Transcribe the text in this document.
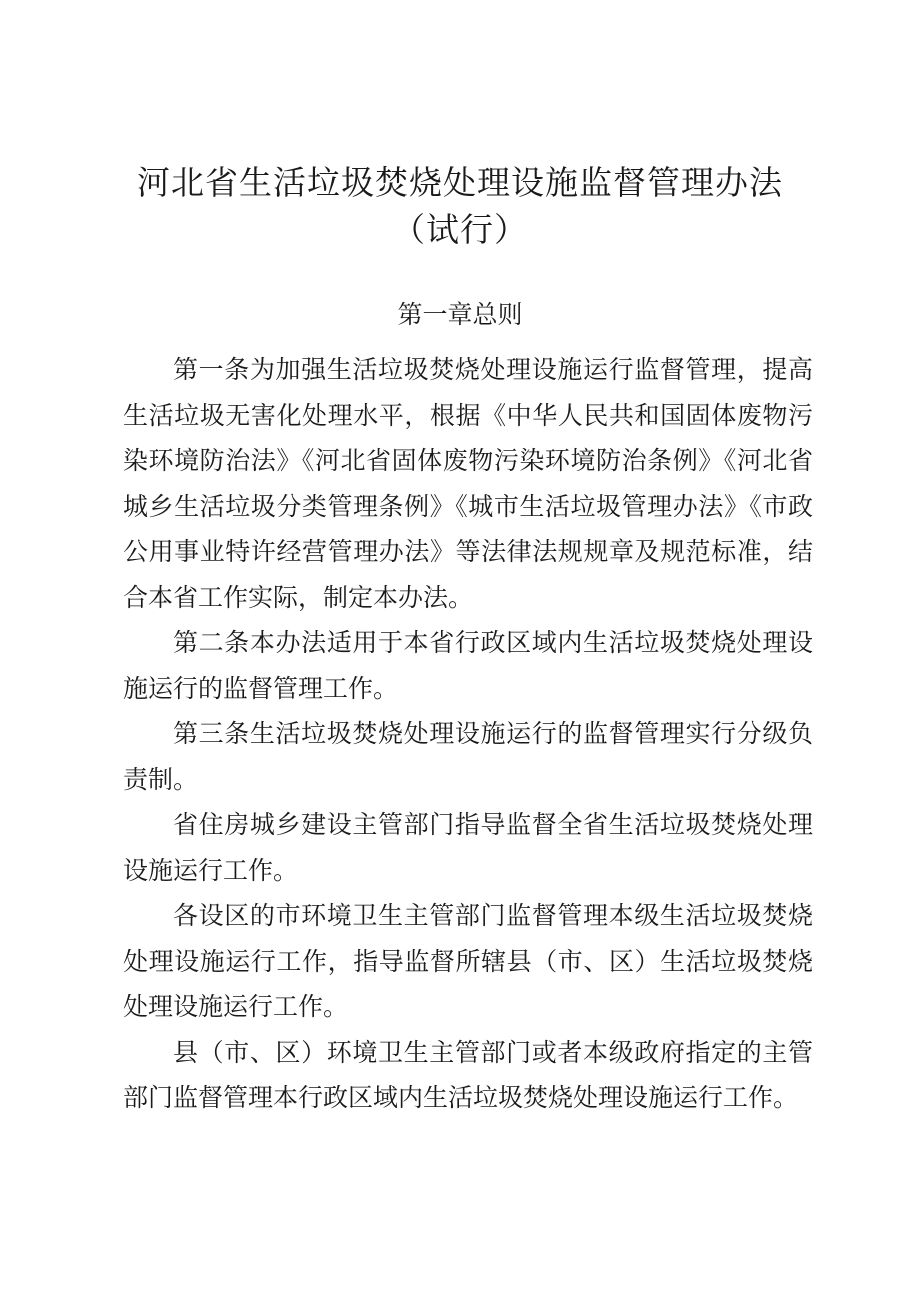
河北省生活垃圾焚烧处理设施监督管理办法
（试行）
第一章总则

第一条为加强生活垃圾焚烧处理设施运行监督管理，提高生活垃圾无害化处理水平，根据《中华人民共和国固体废物污染环境防治法》《河北省固体废物污染环境防治条例》《河北省城乡生活垃圾分类管理条例》《城市生活垃圾管理办法》《市政公用事业特许经营管理办法》等法律法规规章及规范标准，结合本省工作实际，制定本办法。

第二条本办法适用于本省行政区域内生活垃圾焚烧处理设施运行的监督管理工作。

第三条生活垃圾焚烧处理设施运行的监督管理实行分级负责制。

省住房城乡建设主管部门指导监督全省生活垃圾焚烧处理设施运行工作。

各设区的市环境卫生主管部门监督管理本级生活垃圾焚烧处理设施运行工作，指导监督所辖县（市、区）生活垃圾焚烧处理设施运行工作。

县（市、区）环境卫生主管部门或者本级政府指定的主管部门监督管理本行政区域内生活垃圾焚烧处理设施运行工作。
